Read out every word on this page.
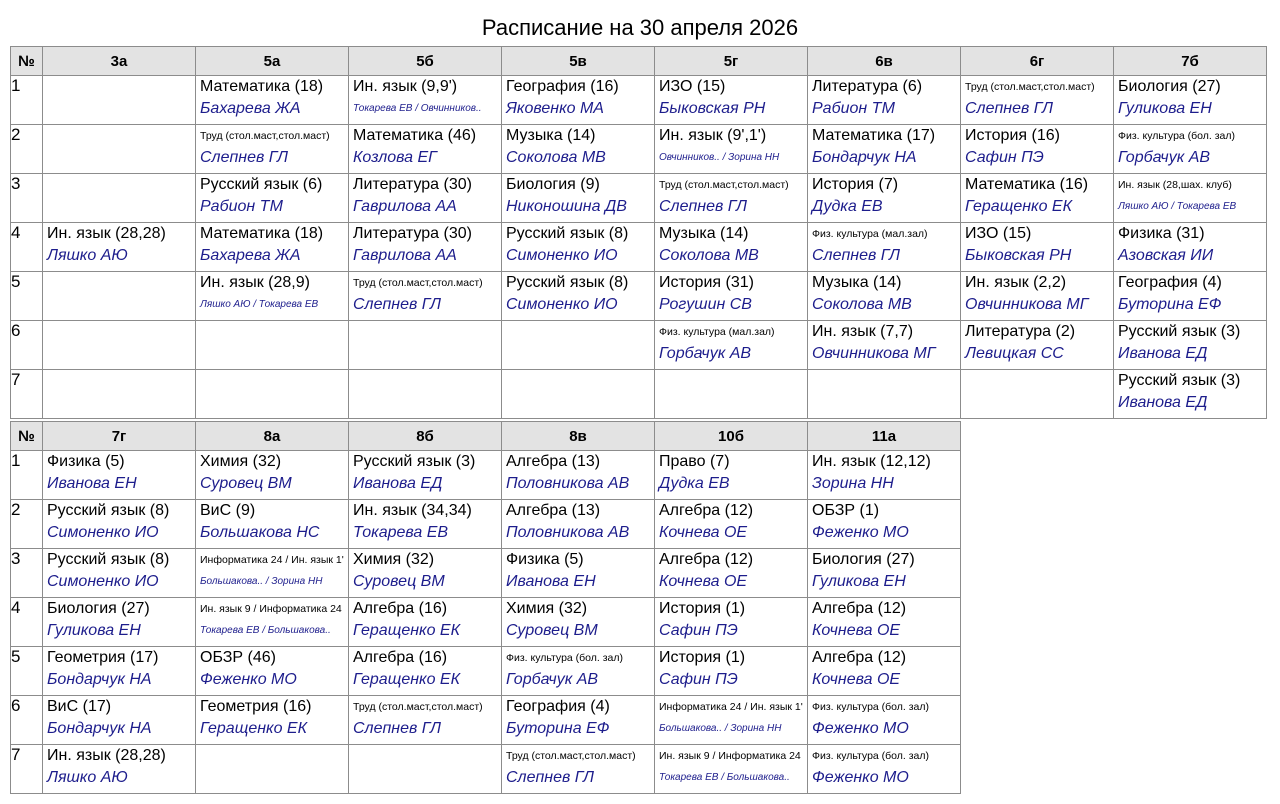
Расписание на 30 апреля 2026
№	3а	5а	5б	5в	5г	6в	6г	7б
1		Математика (18)
Бахарева ЖА	Ин. язык (9,9')
Токарева ЕВ / Овчинников..	География (16)
Яковенко МА	ИЗО (15)
Быковская РН	Литература (6)
Рабион ТМ	Труд (стол.маст,стол.маст)
Слепнев ГЛ	Биология (27)
Гуликова ЕН

2		Труд (стол.маст,стол.маст)
Слепнев ГЛ	Математика (46)
Козлова ЕГ	Музыка (14)
Соколова МВ	Ин. язык (9',1')
Овчинников.. / Зорина НН	Математика (17)
Бондарчук НА	История (16)
Сафин ПЭ	Физ. культура (бол. зал)
Горбачук АВ

3		Русский язык (6)
Рабион ТМ	Литература (30)
Гаврилова АА	Биология (9)
Никоношина ДВ	Труд (стол.маст,стол.маст)
Слепнев ГЛ	История (7)
Дудка ЕВ	Математика (16)
Геращенко ЕК	Ин. язык (28,шах. клуб)
Ляшко АЮ / Токарева ЕВ

4	Ин. язык (28,28)
Ляшко АЮ	Математика (18)
Бахарева ЖА	Литература (30)
Гаврилова АА	Русский язык (8)
Симоненко ИО	Музыка (14)
Соколова МВ	Физ. культура (мал.зал)
Слепнев ГЛ	ИЗО (15)
Быковская РН	Физика (31)
Азовская ИИ

5		Ин. язык (28,9)
Ляшко АЮ / Токарева ЕВ	Труд (стол.маст,стол.маст)
Слепнев ГЛ	Русский язык (8)
Симоненко ИО	История (31)
Рогушин СВ	Музыка (14)
Соколова МВ	Ин. язык (2,2)
Овчинникова МГ	География (4)
Буторина ЕФ

6					Физ. культура (мал.зал)
Горбачук АВ	Ин. язык (7,7)
Овчинникова МГ	Литература (2)
Левицкая СС	Русский язык (3)
Иванова ЕД

7								Русский язык (3)
Иванова ЕД
№	7г	8а	8б	8в	10б	11а
1	Физика (5)
Иванова ЕН	Химия (32)
Суровец ВМ	Русский язык (3)
Иванова ЕД	Алгебра (13)
Половникова АВ	Право (7)
Дудка ЕВ	Ин. язык (12,12)
Зорина НН

2	Русский язык (8)
Симоненко ИО	ВиС (9)
Большакова НС	Ин. язык (34,34)
Токарева ЕВ	Алгебра (13)
Половникова АВ	Алгебра (12)
Кочнева ОЕ	ОБЗР (1)
Феженко МО

3	Русский язык (8)
Симоненко ИО	Информатика 24 / Ин. язык 1'
Большакова.. / Зорина НН	Химия (32)
Суровец ВМ	Физика (5)
Иванова ЕН	Алгебра (12)
Кочнева ОЕ	Биология (27)
Гуликова ЕН

4	Биология (27)
Гуликова ЕН	Ин. язык 9 / Информатика 24
Токарева ЕВ / Большакова..	Алгебра (16)
Геращенко ЕК	Химия (32)
Суровец ВМ	История (1)
Сафин ПЭ	Алгебра (12)
Кочнева ОЕ

5	Геометрия (17)
Бондарчук НА	ОБЗР (46)
Феженко МО	Алгебра (16)
Геращенко ЕК	Физ. культура (бол. зал)
Горбачук АВ	История (1)
Сафин ПЭ	Алгебра (12)
Кочнева ОЕ

6	ВиС (17)
Бондарчук НА	Геометрия (16)
Геращенко ЕК	Труд (стол.маст,стол.маст)
Слепнев ГЛ	География (4)
Буторина ЕФ	Информатика 24 / Ин. язык 1'
Большакова.. / Зорина НН	Физ. культура (бол. зал)
Феженко МО

7	Ин. язык (28,28)
Ляшко АЮ			Труд (стол.маст,стол.маст)
Слепнев ГЛ	Ин. язык 9 / Информатика 24
Токарева ЕВ / Большакова..	Физ. культура (бол. зал)
Феженко МО
